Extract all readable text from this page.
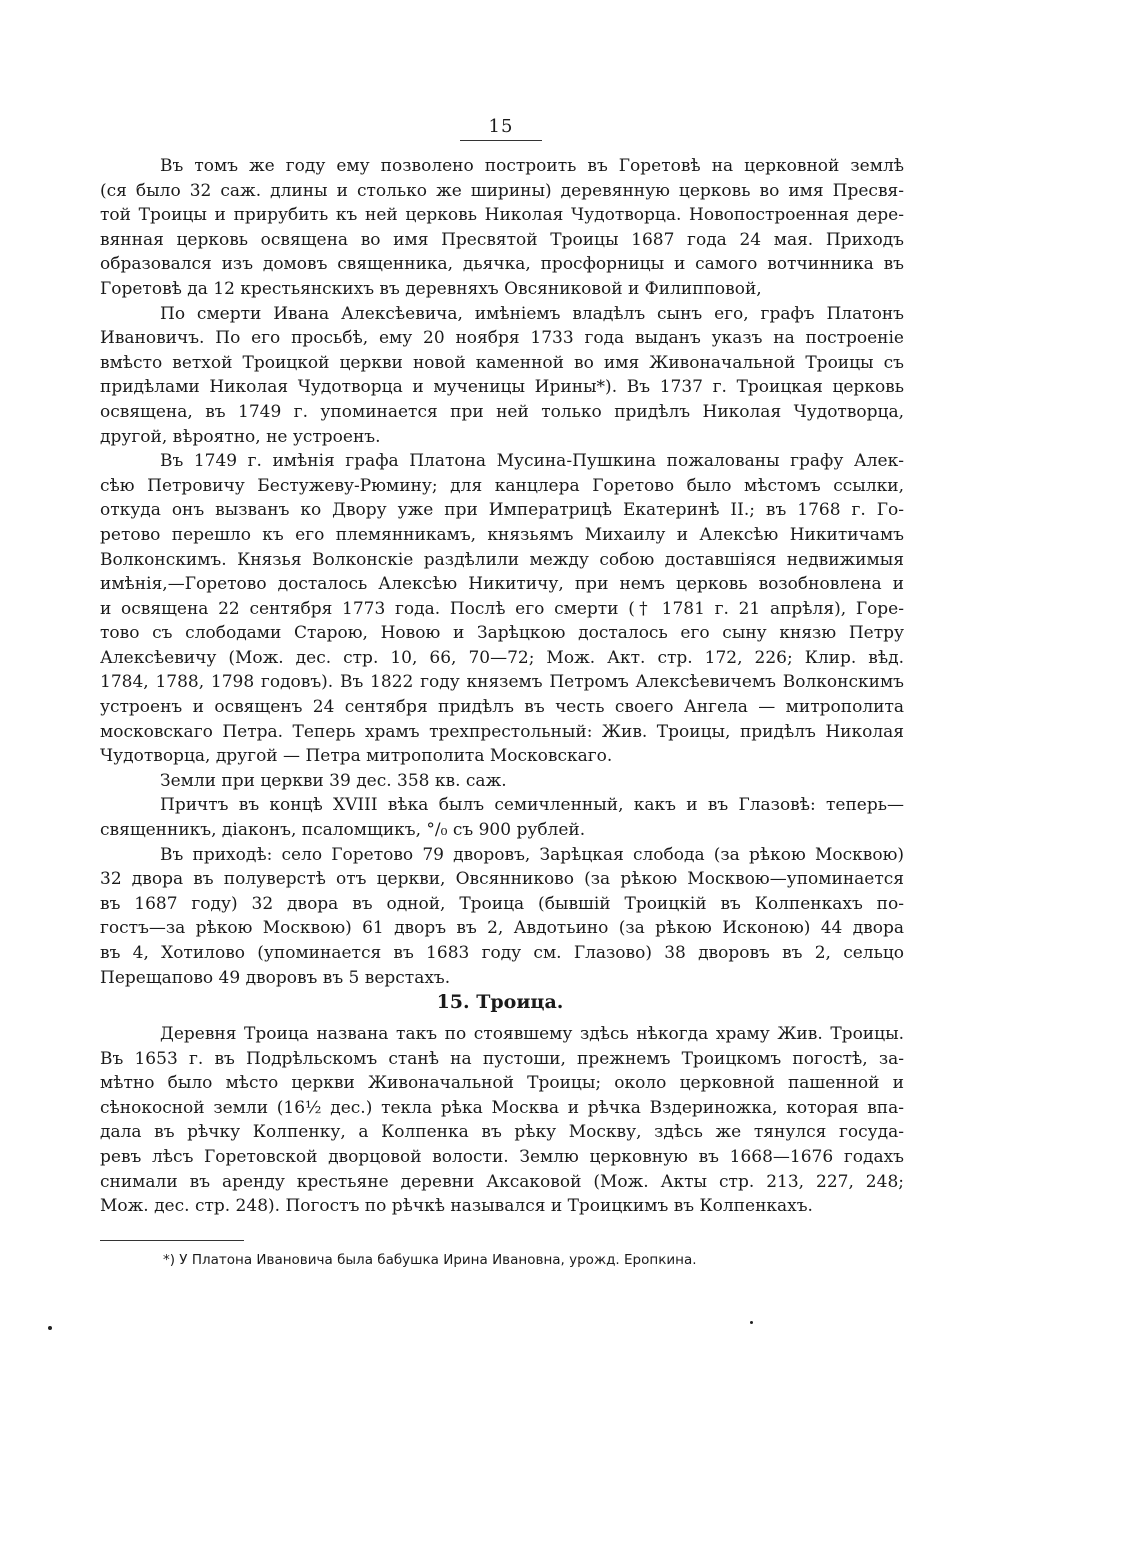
15
Въ томъ же году ему позволено построить въ Горетовѣ на церковной землѣ
(ся было 32 саж. длины и столько же ширины) деревянную церковь во имя Пресвя-
той Троицы и прирубить къ ней церковь Николая Чудотворца. Новопостроенная дере-
вянная церковь освящена во имя Пресвятой Троицы 1687 года 24 мая. Приходъ
образовался изъ домовъ священника, дьячка, просфорницы и самого вотчинника въ
Горетовѣ да 12 крестьянскихъ въ деревняхъ Овсяниковой и Филипповой,
По смерти Ивана Алексѣевича, имѣніемъ владѣлъ сынъ его, графъ Платонъ
Ивановичъ. По его просьбѣ, ему 20 ноября 1733 года выданъ указъ на построеніе
вмѣсто ветхой Троицкой церкви новой каменной во имя Живоначальной Троицы съ
придѣлами Николая Чудотворца и мученицы Ирины*). Въ 1737 г. Троицкая церковь
освящена, въ 1749 г. упоминается при ней только придѣлъ Николая Чудотворца,
другой, вѣроятно, не устроенъ.
Въ 1749 г. имѣнія графа Платона Мусина-Пушкина пожалованы графу Алек-
сѣю Петровичу Бестужеву-Рюмину; для канцлера Горетово было мѣстомъ ссылки,
откуда онъ вызванъ ко Двору уже при Императрицѣ Екатеринѣ II.; въ 1768 г. Го-
ретово перешло къ его племянникамъ, князьямъ Михаилу и Алексѣю Никитичамъ
Волконскимъ. Князья Волконскіе раздѣлили между собою доставшіяся недвижимыя
имѣнія,—Горетово досталось Алексѣю Никитичу, при немъ церковь возобновлена и
и освящена 22 сентября 1773 года. Послѣ его смерти († 1781 г. 21 апрѣля), Горе-
тово съ слободами Старою, Новою и Зарѣцкою досталось его сыну князю Петру
Алексѣевичу (Мож. дес. стр. 10, 66, 70—72; Мож. Акт. стр. 172, 226; Клир. вѣд.
1784, 1788, 1798 годовъ). Въ 1822 году княземъ Петромъ Алексѣевичемъ Волконскимъ
устроенъ и освященъ 24 сентября придѣлъ въ честь своего Ангела — митрополита
московскаго Петра. Теперь храмъ трехпрестольный: Жив. Троицы, придѣлъ Николая
Чудотворца, другой — Петра митрополита Московскаго.
Земли при церкви 39 дес. 358 кв. саж.
Причтъ въ концѣ XVIII вѣка былъ семичленный, какъ и въ Глазовѣ: теперь—
священникъ, діаконъ, псаломщикъ, °/₀ съ 900 рублей.
Въ приходѣ: село Горетово 79 дворовъ, Зарѣцкая слобода (за рѣкою Москвою)
32 двора въ полуверстѣ отъ церкви, Овсянниково (за рѣкою Москвою—упоминается
въ 1687 году) 32 двора въ одной, Троица (бывшій Троицкій въ Колпенкахъ по-
гостъ—за рѣкою Москвою) 61 дворъ въ 2, Авдотьино (за рѣкою Исконою) 44 двора
въ 4, Хотилово (упоминается въ 1683 году см. Глазово) 38 дворовъ въ 2, сельцо
Перещапово 49 дворовъ въ 5 верстахъ.
15. Троица.
Деревня Троица названа такъ по стоявшему здѣсь нѣкогда храму Жив. Троицы.
Въ 1653 г. въ Подрѣльскомъ станѣ на пустоши, прежнемъ Троицкомъ погостѣ, за-
мѣтно было мѣсто церкви Живоначальной Троицы; около церковной пашенной и
сѣнокосной земли (16½ дес.) текла рѣка Москва и рѣчка Вздериножка, которая впа-
дала въ рѣчку Колпенку, а Колпенка въ рѣку Москву, здѣсь же тянулся госуда-
ревъ лѣсъ Горетовской дворцовой волости. Землю церковную въ 1668—1676 годахъ
снимали въ аренду крестьяне деревни Аксаковой (Мож. Акты стр. 213, 227, 248;
Мож. дес. стр. 248). Погостъ по рѣчкѣ назывался и Троицкимъ въ Колпенкахъ.
*) У Платона Ивановича была бабушка Ирина Ивановна, урожд. Еропкина.
